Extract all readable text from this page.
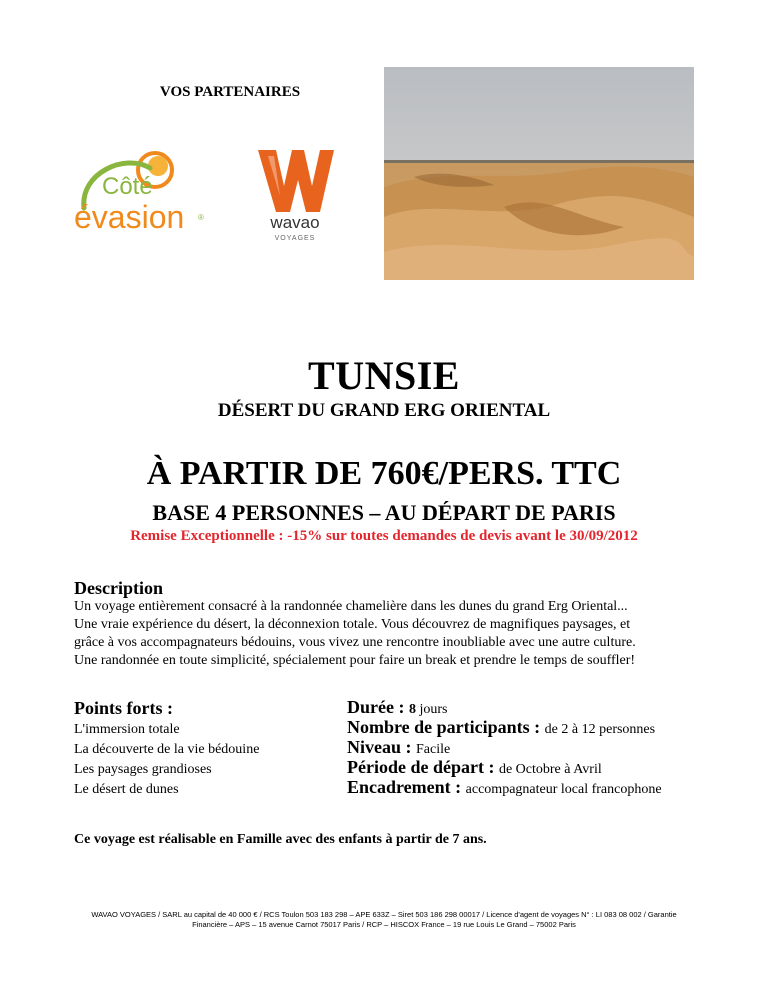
VOS PARTENAIRES
Côté
évasion ®	wavao
VOYAGES
TUNSIE
DÉSERT DU GRAND ERG ORIENTAL
À PARTIR DE 760€/PERS. TTC
BASE 4 PERSONNES – AU DÉPART DE PARIS
Remise Exceptionnelle : -15% sur toutes demandes de devis avant le 30/09/2012
Description
Un voyage entièrement consacré à la randonnée chamelière dans les dunes du grand Erg Oriental...
Une vraie expérience du désert, la déconnexion totale. Vous découvrez de magnifiques paysages, et
grâce à vos accompagnateurs bédouins, vous vivez une rencontre inoubliable avec une autre culture.
Une randonnée en toute simplicité, spécialement pour faire un break et prendre le temps de souffler!
Points forts :
L'immersion totale
La découverte de la vie bédouine
Les paysages grandioses
Le désert de dunes
Durée : 8 jours
Nombre de participants : de 2 à 12 personnes
Niveau : Facile
Période de départ : de Octobre à Avril
Encadrement : accompagnateur local francophone
Ce voyage est réalisable en Famille avec des enfants à partir de 7 ans.
WAVAO VOYAGES / SARL au capital de 40 000 € / RCS Toulon 503 183 298 – APE 633Z – Siret 503 186 298 00017 / Licence d'agent de voyages N° : LI 083 08 002 / Garantie
Financière – APS – 15 avenue Carnot 75017 Paris / RCP – HISCOX France – 19 rue Louis Le Grand – 75002 Paris
